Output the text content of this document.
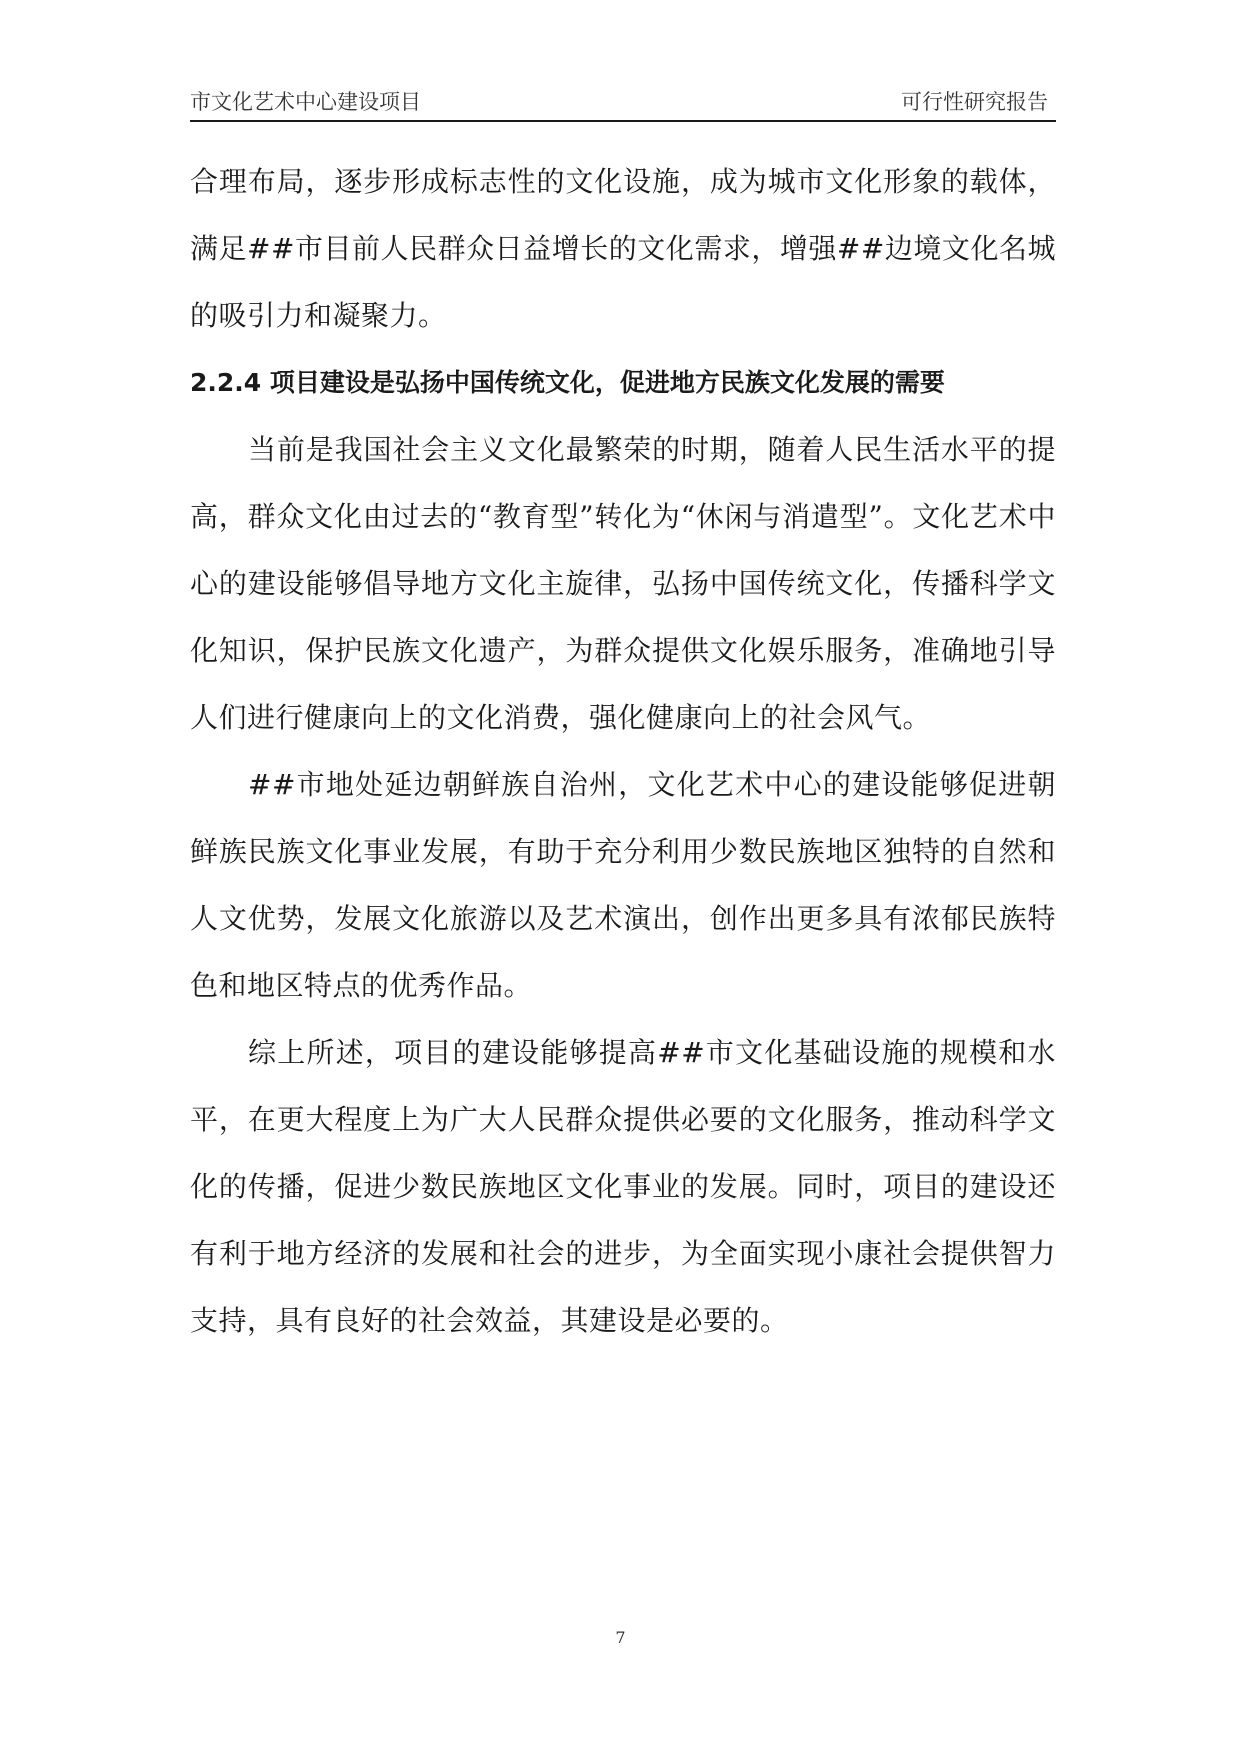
市文化艺术中心建设项目	可行性研究报告

合理布局，逐步形成标志性的文化设施，成为城市文化形象的载体，满足##市目前人民群众日益增长的文化需求，增强##边境文化名城的吸引力和凝聚力。

2.2.4 项目建设是弘扬中国传统文化，促进地方民族文化发展的需要

当前是我国社会主义文化最繁荣的时期，随着人民生活水平的提高，群众文化由过去的“教育型”转化为“休闲与消遣型”。文化艺术中心的建设能够倡导地方文化主旋律，弘扬中国传统文化，传播科学文化知识，保护民族文化遗产，为群众提供文化娱乐服务，准确地引导人们进行健康向上的文化消费，强化健康向上的社会风气。

##市地处延边朝鲜族自治州，文化艺术中心的建设能够促进朝鲜族民族文化事业发展，有助于充分利用少数民族地区独特的自然和人文优势，发展文化旅游以及艺术演出，创作出更多具有浓郁民族特色和地区特点的优秀作品。

综上所述，项目的建设能够提高##市文化基础设施的规模和水平，在更大程度上为广大人民群众提供必要的文化服务，推动科学文化的传播，促进少数民族地区文化事业的发展。同时，项目的建设还有利于地方经济的发展和社会的进步，为全面实现小康社会提供智力支持，具有良好的社会效益，其建设是必要的。

7
